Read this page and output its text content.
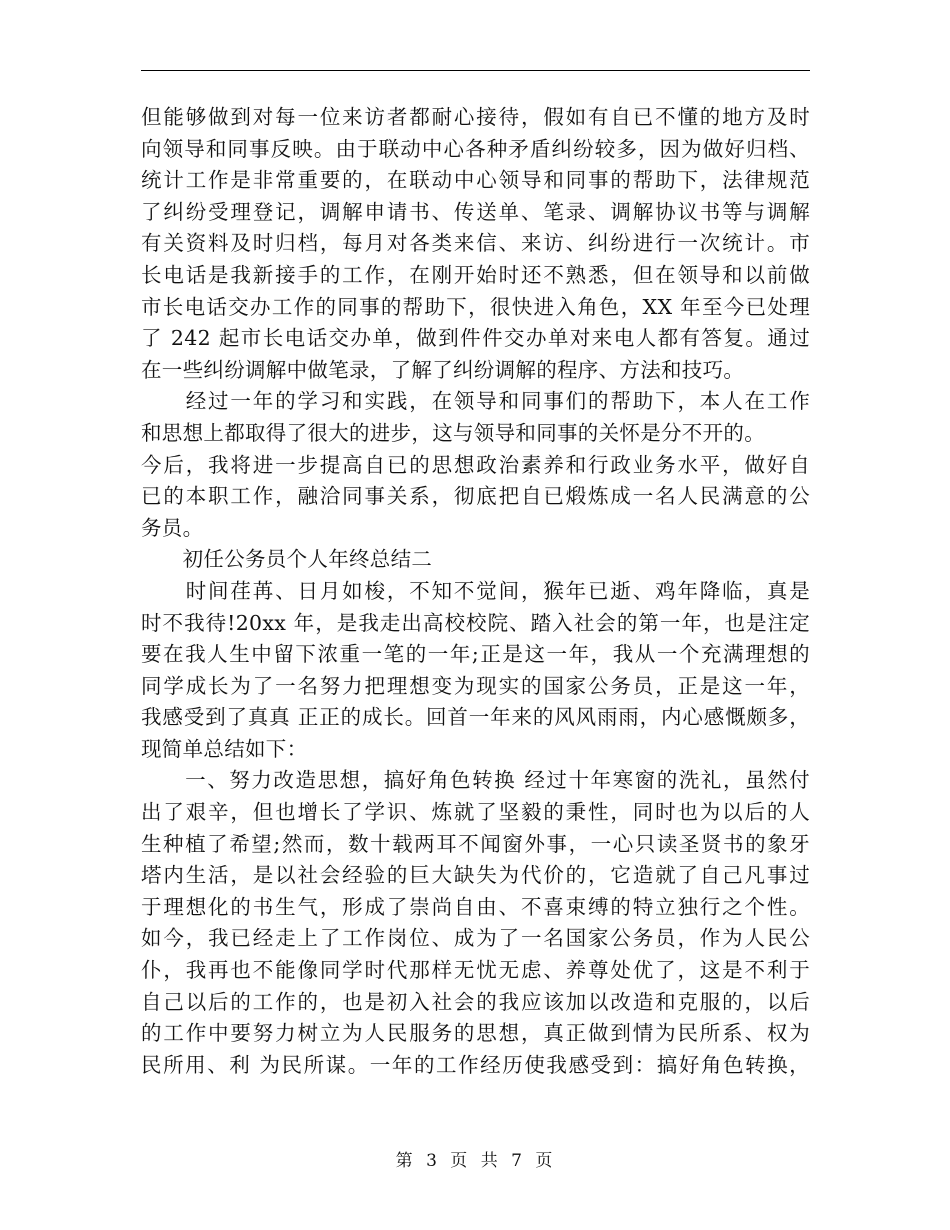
但能够做到对每一位来访者都耐心接待，假如有自已不懂的地方及时
向领导和同事反映。由于联动中心各种矛盾纠纷较多，因为做好归档、
统计工作是非常重要的，在联动中心领导和同事的帮助下，法律规范
了纠纷受理登记，调解申请书、传送单、笔录、调解协议书等与调解
有关资料及时归档，每月对各类来信、来访、纠纷进行一次统计。市
长电话是我新接手的工作，在刚开始时还不熟悉，但在领导和以前做
市长电话交办工作的同事的帮助下，很快进入角色，XX 年至今已处理
了 242 起市长电话交办单，做到件件交办单对来电人都有答复。通过
在一些纠纷调解中做笔录，了解了纠纷调解的程序、方法和技巧。
　　经过一年的学习和实践，在领导和同事们的帮助下，本人在工作
和思想上都取得了很大的进步，这与领导和同事的关怀是分不开的。
今后，我将进一步提高自已的思想政治素养和行政业务水平，做好自
已的本职工作，融洽同事关系，彻底把自已煅炼成一名人民满意的公
务员。
　　初任公务员个人年终总结二
　　时间荏苒、日月如梭，不知不觉间，猴年已逝、鸡年降临，真是
时不我待!20xx 年，是我走出高校校院、踏入社会的第一年，也是注定
要在我人生中留下浓重一笔的一年;正是这一年，我从一个充满理想的
同学成长为了一名努力把理想变为现实的国家公务员，正是这一年，
我感受到了真真 正正的成长。回首一年来的风风雨雨，内心感慨颇多，
现简单总结如下：
　　一、努力改造思想，搞好角色转换 经过十年寒窗的洗礼，虽然付
出了艰辛，但也增长了学识、炼就了坚毅的秉性，同时也为以后的人
生种植了希望;然而，数十载两耳不闻窗外事，一心只读圣贤书的象牙
塔内生活，是以社会经验的巨大缺失为代价的，它造就了自己凡事过
于理想化的书生气，形成了崇尚自由、不喜束缚的特立独行之个性。
如今，我已经走上了工作岗位、成为了一名国家公务员，作为人民公
仆，我再也不能像同学时代那样无忧无虑、养尊处优了，这是不利于
自己以后的工作的，也是初入社会的我应该加以改造和克服的，以后
的工作中要努力树立为人民服务的思想，真正做到情为民所系、权为
民所用、利 为民所谋。一年的工作经历使我感受到：搞好角色转换，
第 3 页 共 7 页
